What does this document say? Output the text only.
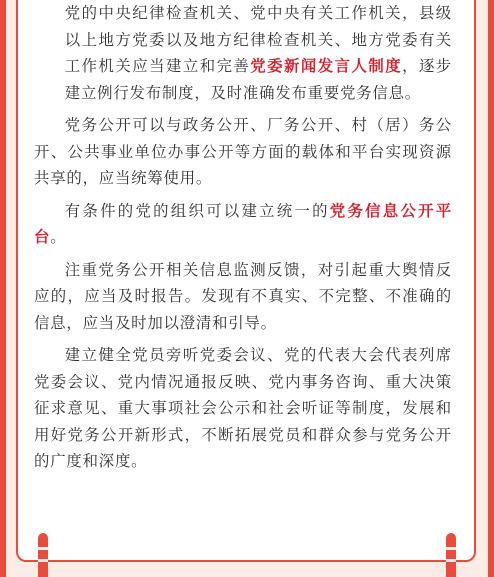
党的中央纪律检查机关、党中央有关工作机关，县级以上地方党委以及地方纪律检查机关、地方党委有关工作机关应当建立和完善党委新闻发言人制度，逐步建立例行发布制度，及时准确发布重要党务信息。

党务公开可以与政务公开、厂务公开、村（居）务公开、公共事业单位办事公开等方面的载体和平台实现资源共享的，应当统筹使用。

有条件的党的组织可以建立统一的党务信息公开平台。

注重党务公开相关信息监测反馈，对引起重大舆情反应的，应当及时报告。发现有不真实、不完整、不准确的信息，应当及时加以澄清和引导。

建立健全党员旁听党委会议、党的代表大会代表列席党委会议、党内情况通报反映、党内事务咨询、重大决策征求意见、重大事项社会公示和社会听证等制度，发展和用好党务公开新形式，不断拓展党员和群众参与党务公开的广度和深度。
